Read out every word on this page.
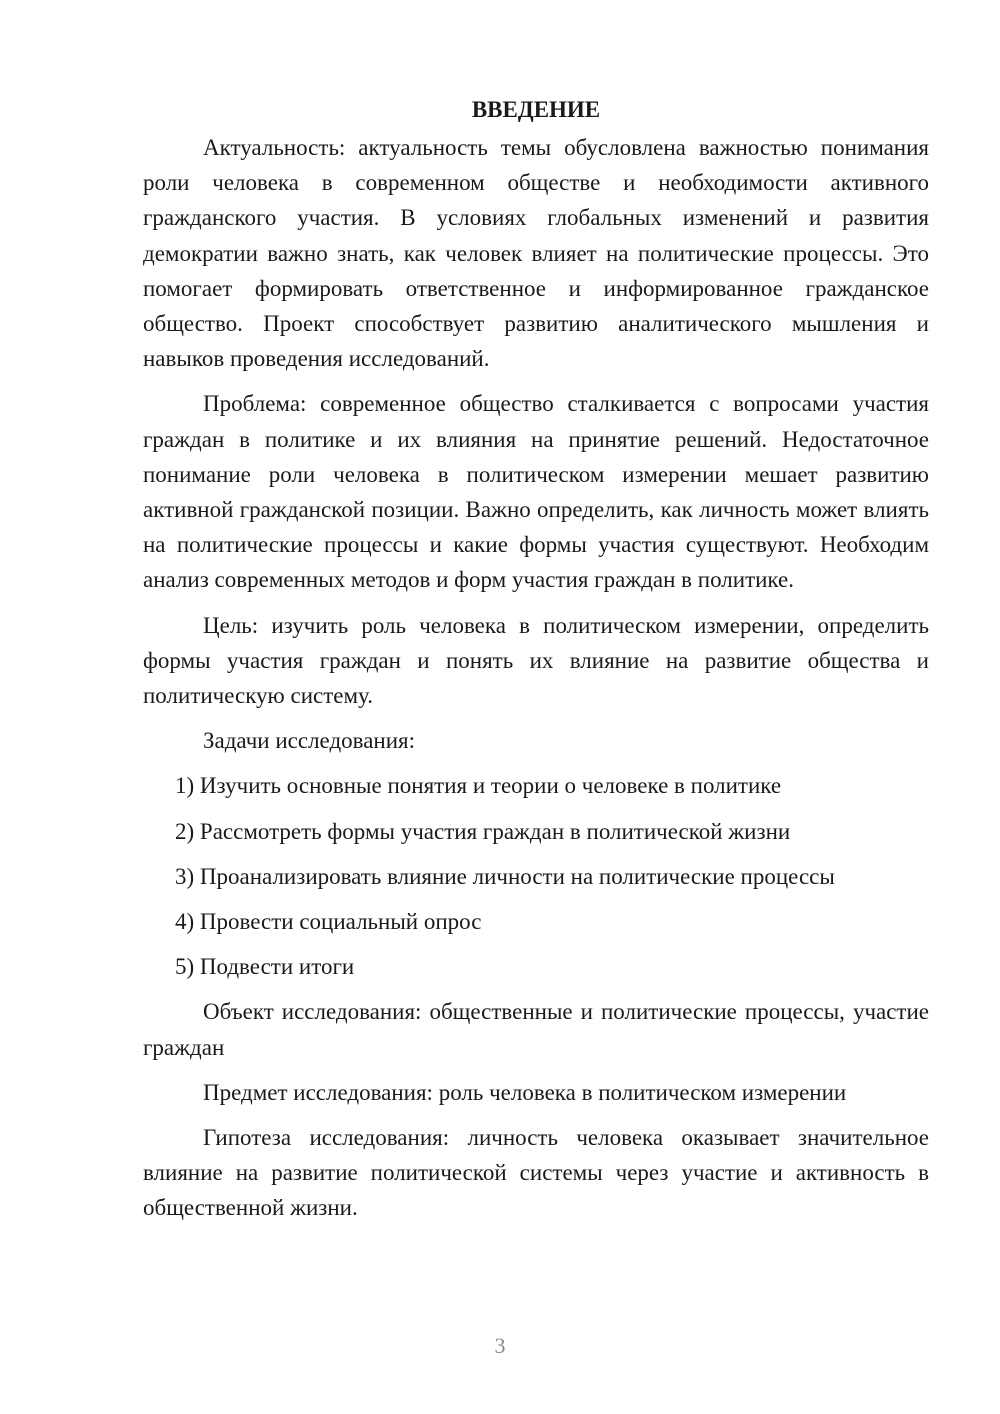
ВВЕДЕНИЕ

Актуальность: актуальность темы обусловлена важностью понимания роли человека в современном обществе и необходимости активного гражданского участия. В условиях глобальных изменений и развития демократии важно знать, как человек влияет на политические процессы. Это помогает формировать ответственное и информированное гражданское общество. Проект способствует развитию аналитического мышления и навыков проведения исследований.

Проблема: современное общество сталкивается с вопросами участия граждан в политике и их влияния на принятие решений. Недостаточное понимание роли человека в политическом измерении мешает развитию активной гражданской позиции. Важно определить, как личность может влиять на политические процессы и какие формы участия существуют. Необходим анализ современных методов и форм участия граждан в политике.

Цель: изучить роль человека в политическом измерении, определить формы участия граждан и понять их влияние на развитие общества и политическую систему.

Задачи исследования:

1) Изучить основные понятия и теории о человеке в политике
2) Рассмотреть формы участия граждан в политической жизни
3) Проанализировать влияние личности на политические процессы
4) Провести социальный опрос
5) Подвести итоги

Объект исследования: общественные и политические процессы, участие граждан

Предмет исследования: роль человека в политическом измерении

Гипотеза исследования: личность человека оказывает значительное влияние на развитие политической системы через участие и активность в общественной жизни.

3
